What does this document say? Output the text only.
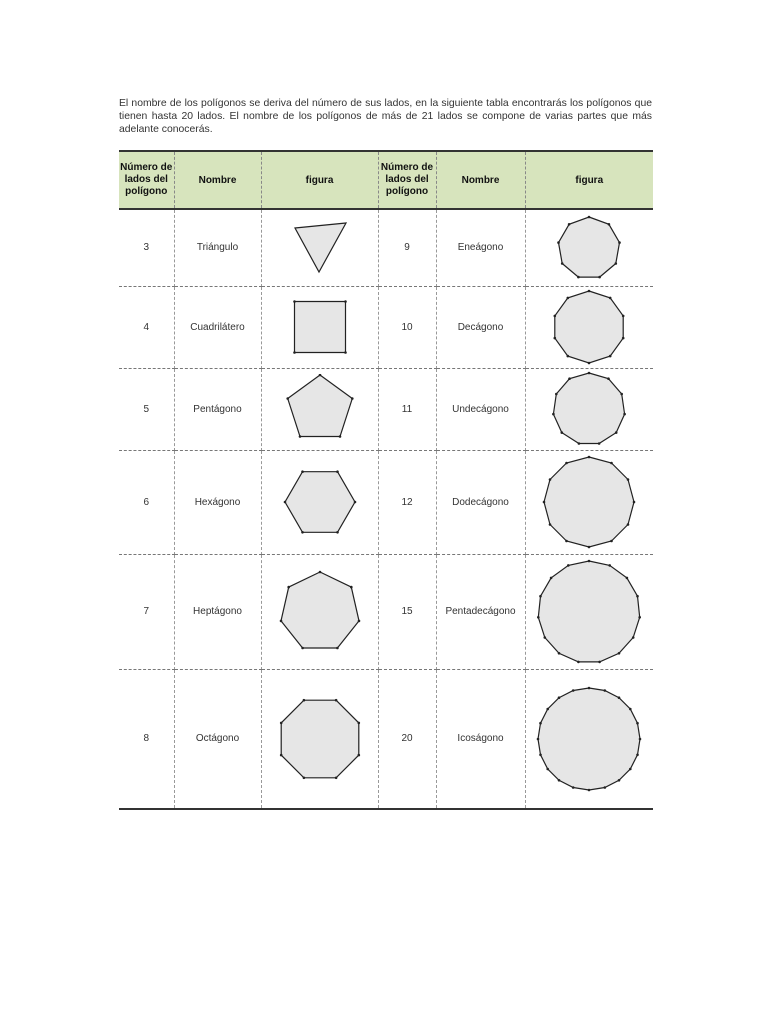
El nombre de los polígonos se deriva del número de sus lados, en la siguiente tabla encontrarás los polígonos que tienen hasta 20 lados. El nombre de los polígonos de más de 21 lados se compone de varias partes que más adelante conocerás.
Número de lados del polígono	Nombre	figura	Número de lados del polígono	Nombre	figura
3	Triángulo		9	Eneágono	

4	Cuadrilátero		10	Decágono	

5	Pentágono		11	Undecágono	

6	Hexágono		12	Dodecágono	

7	Heptágono		15	Pentadecágono	

8	Octágono		20	Icoságono	
